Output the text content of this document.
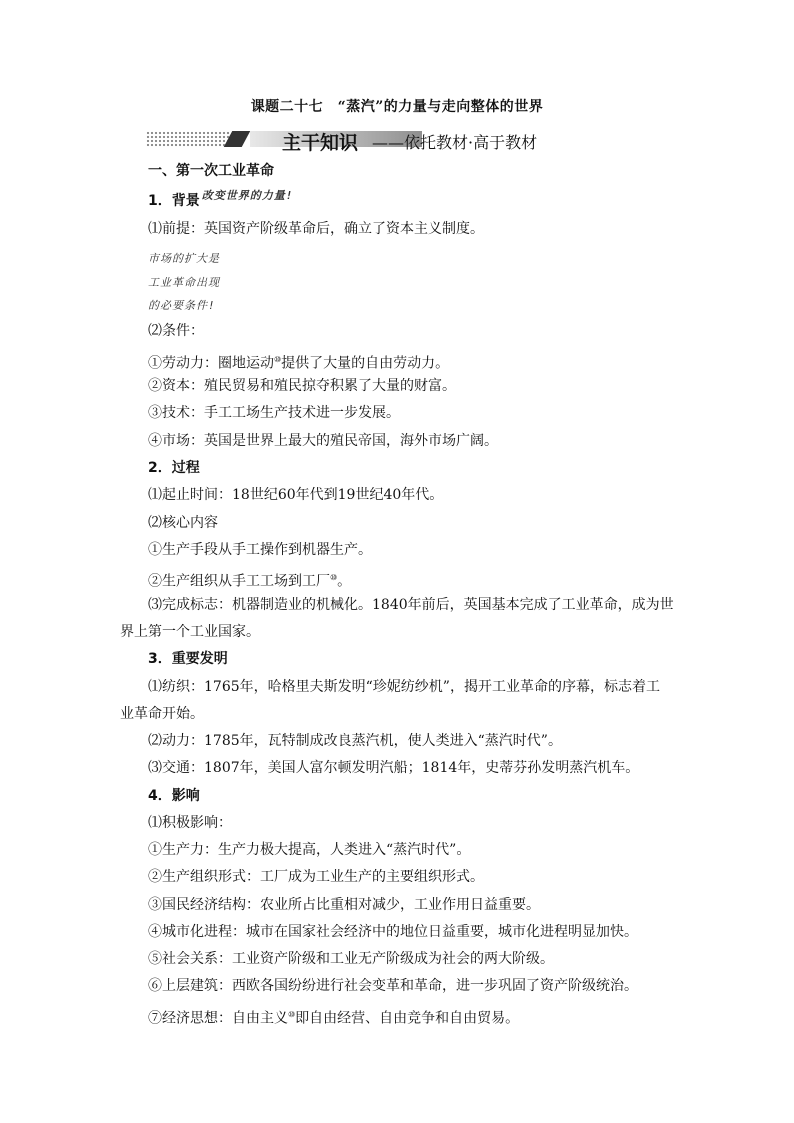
课题二十七　“蒸汽”的力量与走向整体的世界
主干知识 ——依托教材·高于教材
一、第一次工业革命
1．背景 $^{改变世界的力量!}$
⑴前提：英国资产阶级革命后，确立了资本主义制度。
市场的扩大是
工业革命出现
的必要条件!
⑵条件：
①劳动力：圈地运动⑩提供了大量的自由劳动力。
②资本：殖民贸易和殖民掠夺积累了大量的财富。
③技术：手工工场生产技术进一步发展。
④市场：英国是世界上最大的殖民帝国，海外市场广阔。
2．过程
⑴起止时间：18世纪60年代到19世纪40年代。
⑵核心内容
①生产手段从手工操作到机器生产。
②生产组织从手工工场到工厂⑩。
⑶完成标志：机器制造业的机械化。1840年前后，英国基本完成了工业革命，成为世
界上第一个工业国家。
3．重要发明
⑴纺织：1765年，哈格里夫斯发明“珍妮纺纱机”，揭开工业革命的序幕，标志着工
业革命开始。
⑵动力：1785年，瓦特制成改良蒸汽机，使人类进入“蒸汽时代”。
⑶交通：1807年，美国人富尔顿发明汽船；1814年，史蒂芬孙发明蒸汽机车。
4．影响
⑴积极影响：
①生产力：生产力极大提高，人类进入“蒸汽时代”。
②生产组织形式：工厂成为工业生产的主要组织形式。
③国民经济结构：农业所占比重相对减少，工业作用日益重要。
④城市化进程：城市在国家社会经济中的地位日益重要，城市化进程明显加快。
⑤社会关系：工业资产阶级和工业无产阶级成为社会的两大阶级。
⑥上层建筑：西欧各国纷纷进行社会变革和革命，进一步巩固了资产阶级统治。
⑦经济思想：自由主义⑩即自由经营、自由竞争和自由贸易。
